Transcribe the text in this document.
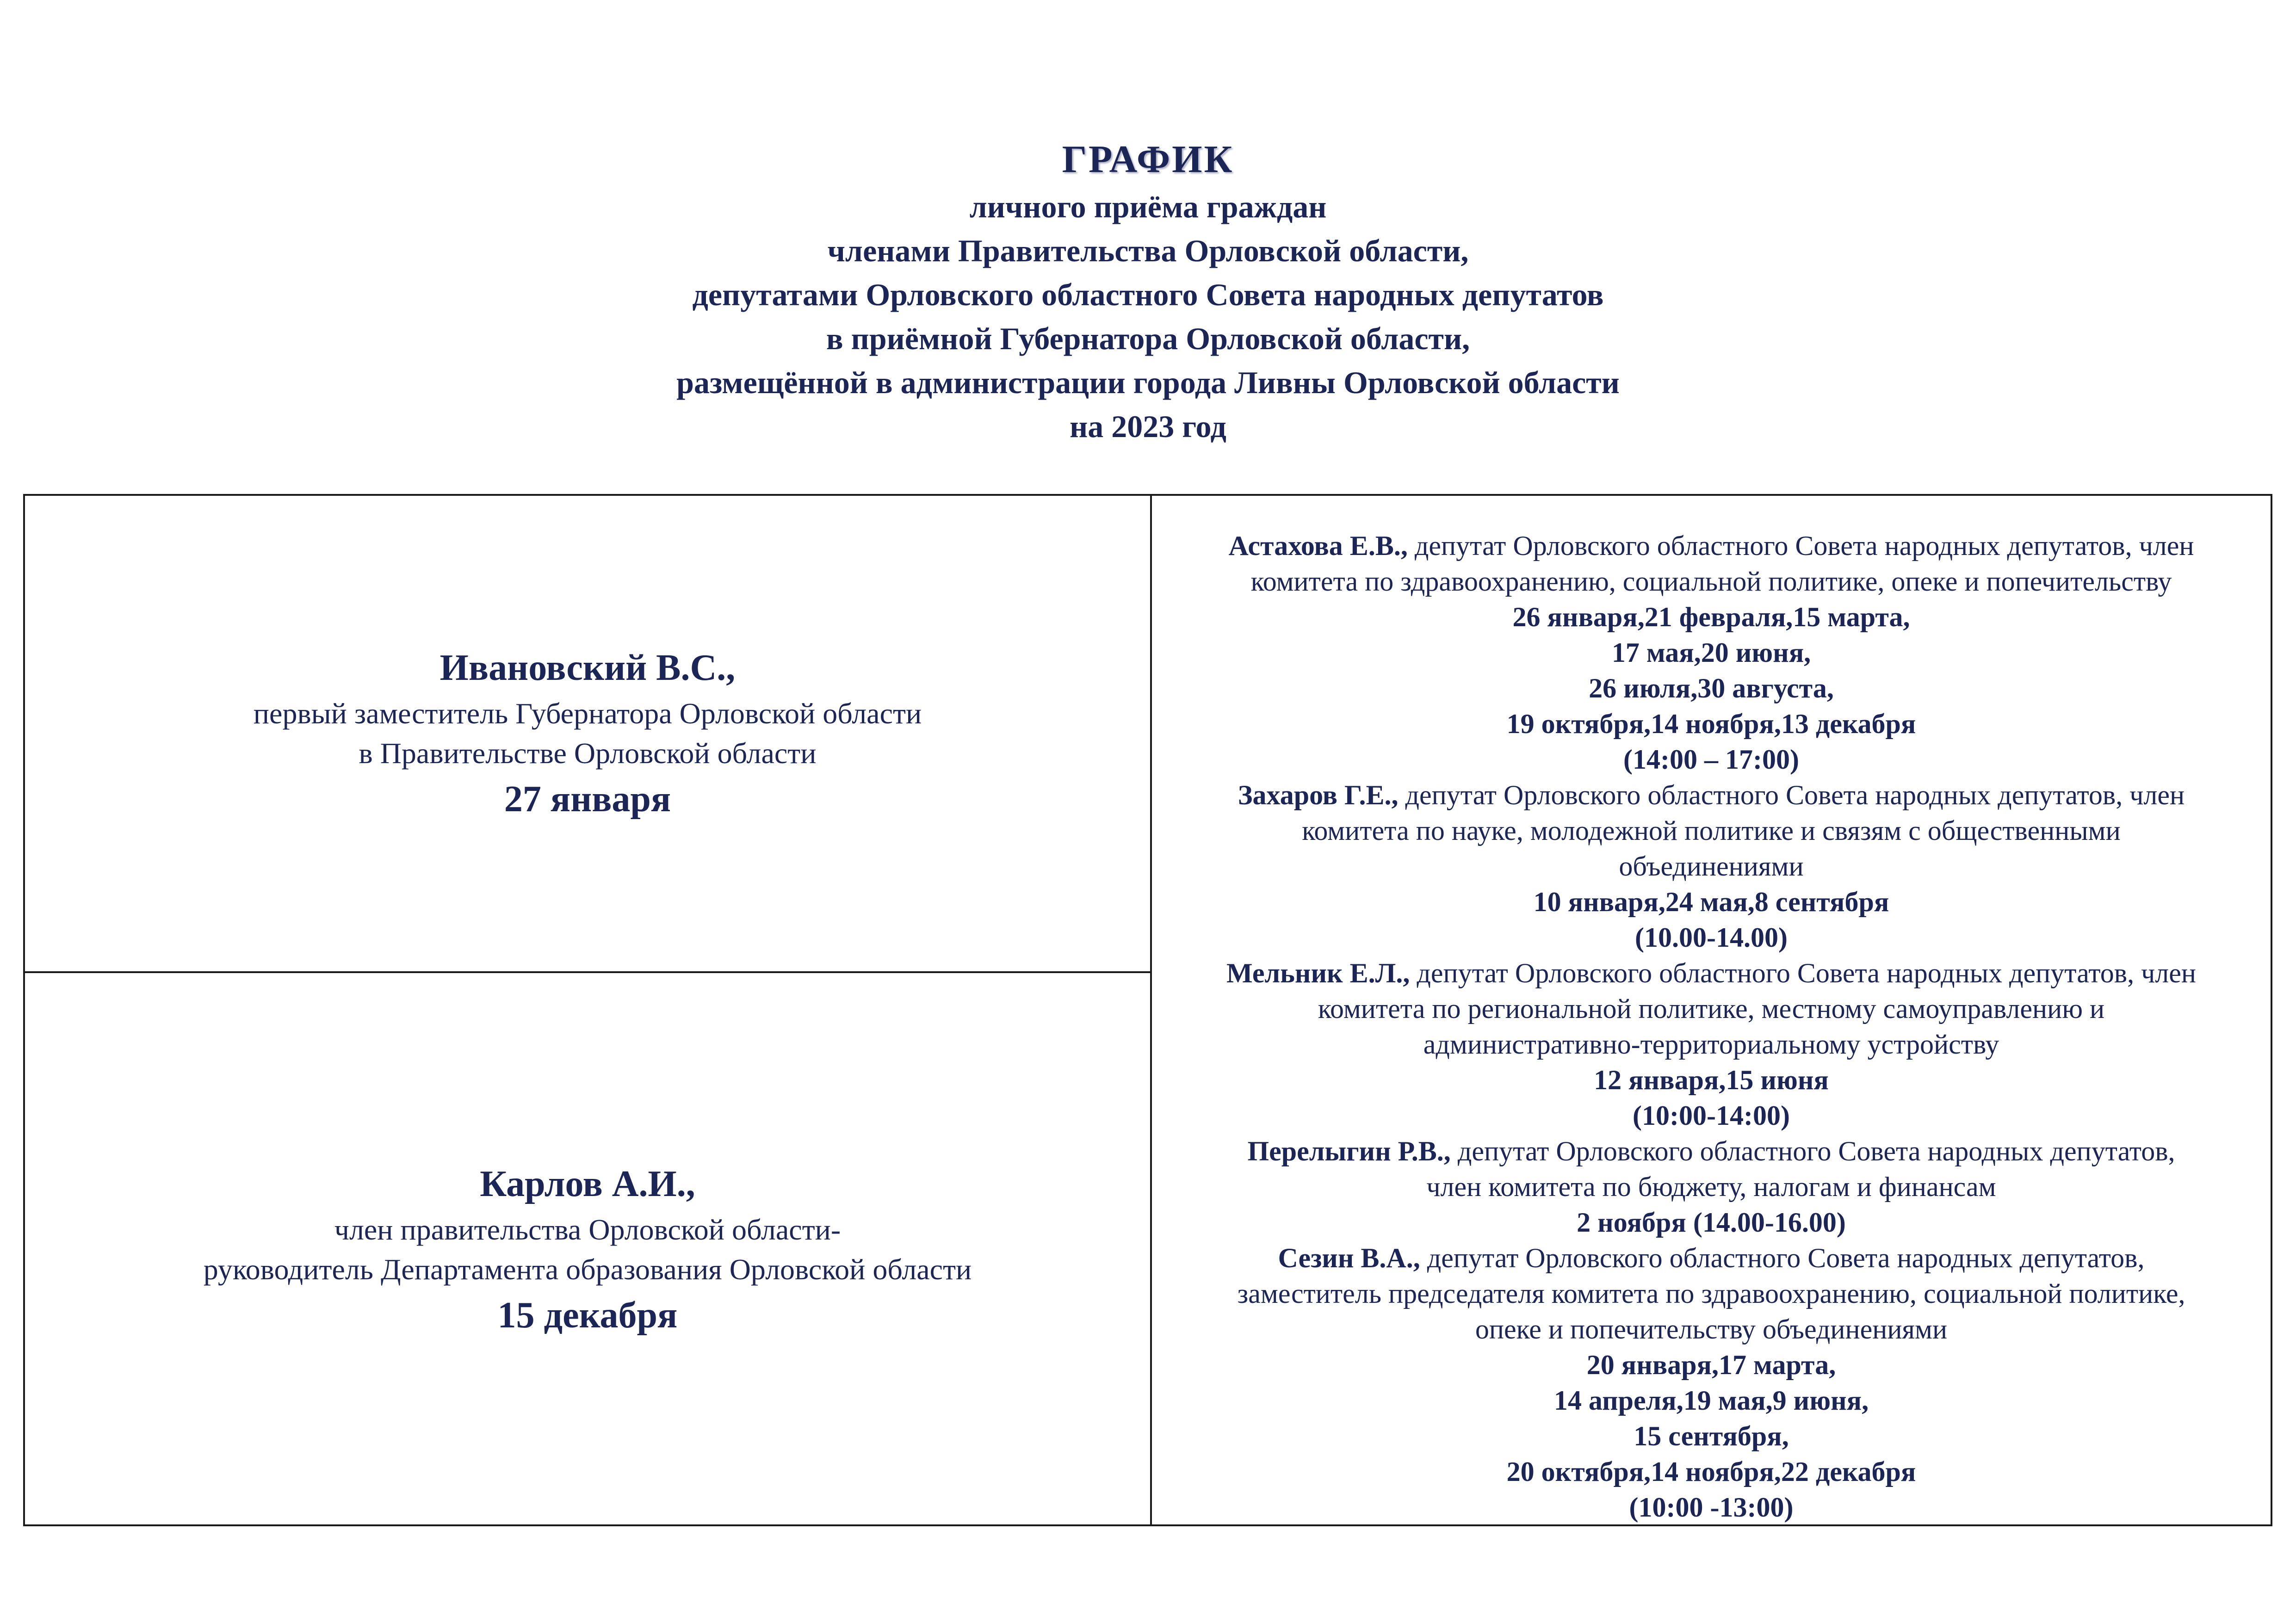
ГРАФИК
личного приёма граждан
членами Правительства Орловской области,
депутатами Орловского областного Совета народных депутатов
в приёмной Губернатора Орловской области,
размещённой в администрации города Ливны Орловской области
на 2023 год
Ивановский В.С.,
первый заместитель Губернатора Орловской области
в Правительстве Орловской области
27 января
Карлов А.И.,
член правительства Орловской области-
руководитель Департамента образования Орловской области
15 декабря
Астахова Е.В., депутат Орловского областного Совета народных депутатов, член
комитета по здравоохранению, социальной политике, опеке и попечительству
26 января,21 февраля,15 марта,
17 мая,20 июня,
26 июля,30 августа,
19 октября,14 ноября,13 декабря
(14:00 – 17:00)
Захаров Г.Е., депутат Орловского областного Совета народных депутатов, член
комитета по науке, молодежной политике и связям с общественными
объединениями
10 января,24 мая,8 сентября
(10.00-14.00)
Мельник Е.Л., депутат Орловского областного Совета народных депутатов, член
комитета по региональной политике, местному самоуправлению и
административно-территориальному устройству
12 января,15 июня
(10:00-14:00)
Перелыгин Р.В., депутат Орловского областного Совета народных депутатов,
член комитета по бюджету, налогам и финансам
2 ноября (14.00-16.00)
Сезин В.А., депутат Орловского областного Совета народных депутатов,
заместитель председателя комитета по здравоохранению, социальной политике,
опеке и попечительству объединениями
20 января,17 марта,
14 апреля,19 мая,9 июня,
15 сентября,
20 октября,14 ноября,22 декабря
(10:00 -13:00)
